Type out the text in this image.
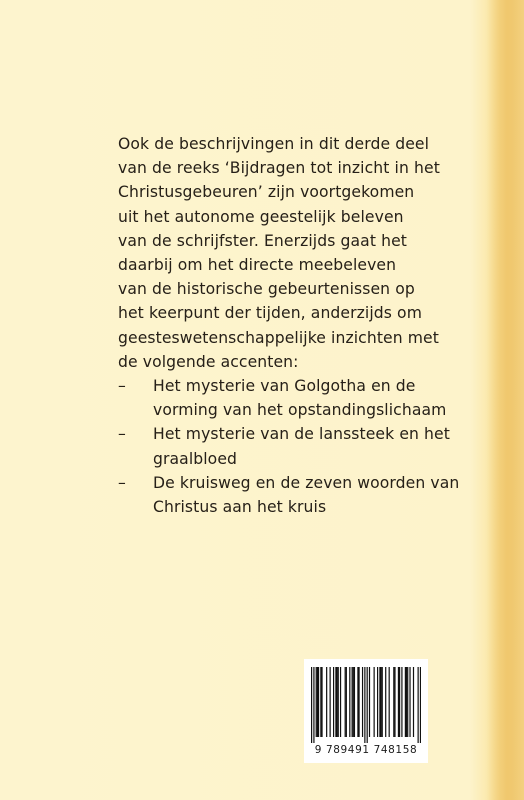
Ook de beschrijvingen in dit derde deel

van de reeks ‘Bijdragen tot inzicht in het

Christusgebeuren’ zijn voortgekomen

uit het autonome geestelijk beleven

van de schrijfster. Enerzijds gaat het

daarbij om het directe meebeleven

van de historische gebeurtenissen op

het keerpunt der tijden, anderzijds om

geesteswetenschappelijke inzichten met

de volgende accenten:

– Het mysterie van Golgotha en de
vorming van het opstandingslichaam
– Het mysterie van de lanssteek en het
graalbloed
– De kruisweg en de zeven woorden van
Christus aan het kruis
9 789491 748158
